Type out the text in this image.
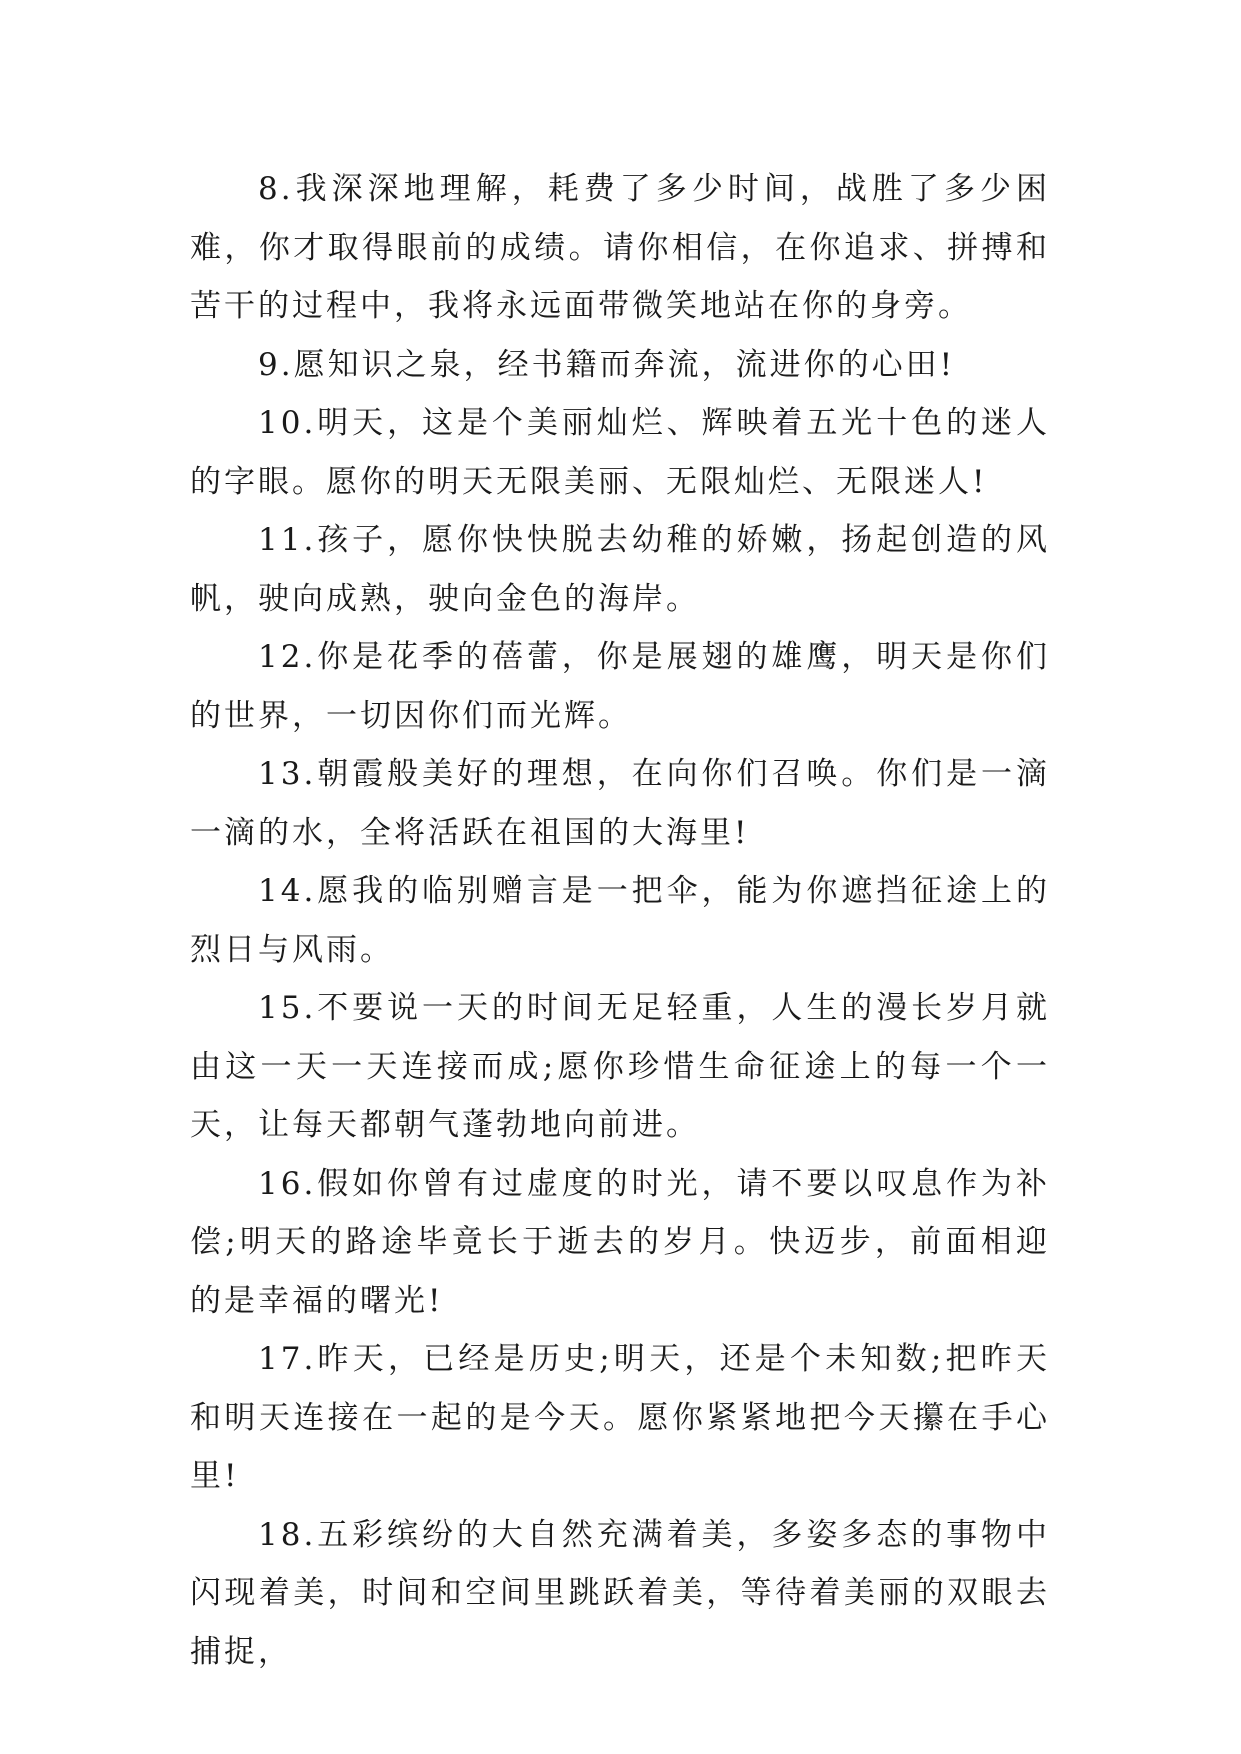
8.我深深地理解，耗费了多少时间，战胜了多少困难，你才取得眼前的成绩。请你相信，在你追求、拼搏和苦干的过程中，我将永远面带微笑地站在你的身旁。

9.愿知识之泉，经书籍而奔流，流进你的心田!

10.明天，这是个美丽灿烂、辉映着五光十色的迷人的字眼。愿你的明天无限美丽、无限灿烂、无限迷人!

11.孩子，愿你快快脱去幼稚的娇嫩，扬起创造的风帆，驶向成熟，驶向金色的海岸。

12.你是花季的蓓蕾，你是展翅的雄鹰，明天是你们的世界，一切因你们而光辉。

13.朝霞般美好的理想，在向你们召唤。你们是一滴一滴的水，全将活跃在祖国的大海里!

14.愿我的临别赠言是一把伞，能为你遮挡征途上的烈日与风雨。

15.不要说一天的时间无足轻重，人生的漫长岁月就由这一天一天连接而成;愿你珍惜生命征途上的每一个一天，让每天都朝气蓬勃地向前进。

16.假如你曾有过虚度的时光，请不要以叹息作为补偿;明天的路途毕竟长于逝去的岁月。快迈步，前面相迎的是幸福的曙光!

17.昨天，已经是历史;明天，还是个未知数;把昨天和明天连接在一起的是今天。愿你紧紧地把今天攥在手心里!

18.五彩缤纷的大自然充满着美，多姿多态的事物中闪现着美，时间和空间里跳跃着美，等待着美丽的双眼去捕捉，
